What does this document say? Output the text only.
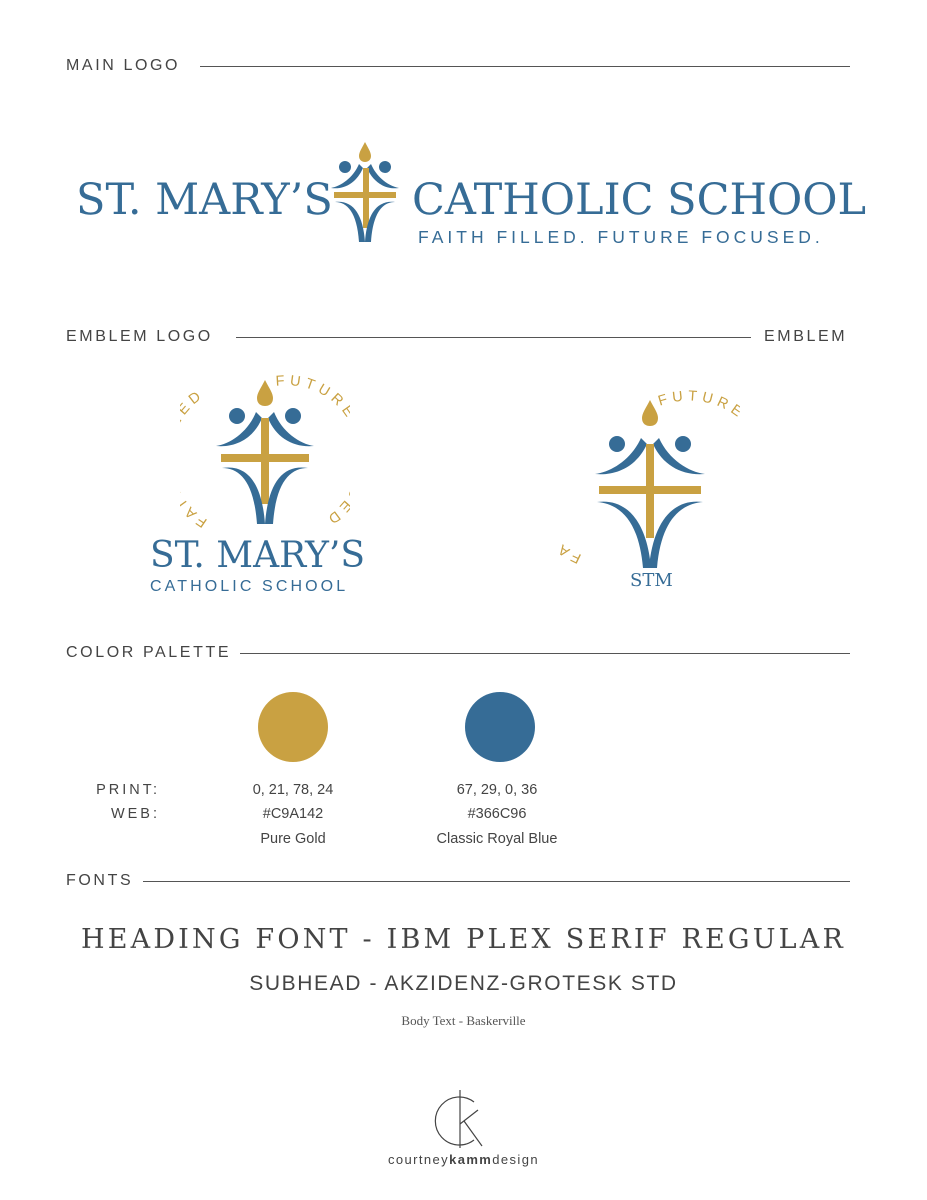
MAIN LOGO
ST. MARY’S CATHOLIC SCHOOL
FAITH FILLED. FUTURE FOCUSED.
EMBLEM LOGO	EMBLEM
FA D
FUTUR D
ST. MARY’S
CATHOLIC SCHOOL
F
FUTUR
STM
COLOR PALETTE
PRINT:
WEB:
0, 21, 78, 24
#C9A142
Pure Gold
67, 29, 0, 36
#366C96
Classic Royal Blue
FONTS
HEADING FONT - IBM PLEX SERIF REGULAR
SUBHEAD - AKZIDENZ-GROTESK STD
Body Text - Baskerville
courtneykammdesign
